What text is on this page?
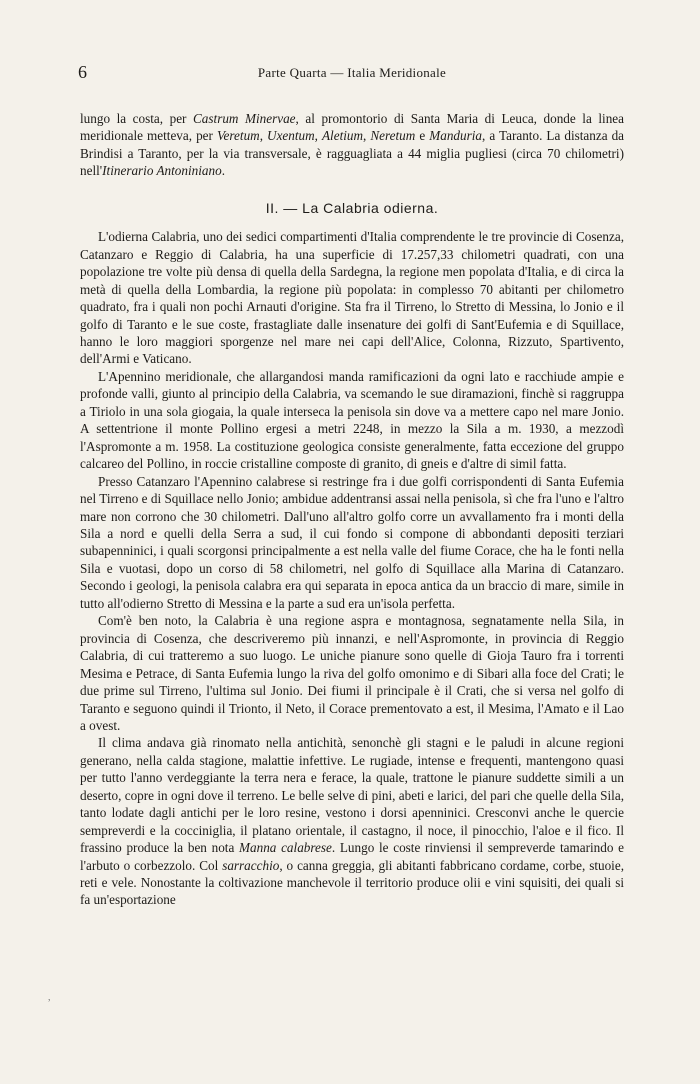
6	Parte Quarta — Italia Meridionale

lungo la costa, per Castrum Minervae, al promontorio di Santa Maria di Leuca, donde la linea meridionale metteva, per Veretum, Uxentum, Aletium, Neretum e Manduria, a Taranto. La distanza da Brindisi a Taranto, per la via transversale, è ragguagliata a 44 miglia pugliesi (circa 70 chilometri) nell'Itinerario Antoniniano.

II. — La Calabria odierna.

L'odierna Calabria, uno dei sedici compartimenti d'Italia comprendente le tre provincie di Cosenza, Catanzaro e Reggio di Calabria, ha una superficie di 17.257,33 chilometri quadrati, con una popolazione tre volte più densa di quella della Sardegna, la regione men popolata d'Italia, e di circa la metà di quella della Lombardia, la regione più popolata: in complesso 70 abitanti per chilometro quadrato, fra i quali non pochi Arnauti d'origine. Sta fra il Tirreno, lo Stretto di Messina, lo Jonio e il golfo di Taranto e le sue coste, frastagliate dalle insenature dei golfi di Sant'Eufemia e di Squillace, hanno le loro maggiori sporgenze nel mare nei capi dell'Alice, Colonna, Rizzuto, Spartivento, dell'Armi e Vaticano.

L'Apennino meridionale, che allargandosi manda ramificazioni da ogni lato e racchiude ampie e profonde valli, giunto al principio della Calabria, va scemando le sue diramazioni, finchè si raggruppa a Tiriolo in una sola giogaia, la quale interseca la penisola sin dove va a mettere capo nel mare Jonio. A settentrione il monte Pollino ergesi a metri 2248, in mezzo la Sila a m. 1930, a mezzodì l'Aspromonte a m. 1958. La costituzione geologica consiste generalmente, fatta eccezione del gruppo calcareo del Pollino, in roccie cristalline composte di granito, di gneis e d'altre di simil fatta.

Presso Catanzaro l'Apennino calabrese si restringe fra i due golfi corrispondenti di Santa Eufemia nel Tirreno e di Squillace nello Jonio; ambidue addentransi assai nella penisola, sì che fra l'uno e l'altro mare non corrono che 30 chilometri. Dall'uno all'altro golfo corre un avvallamento fra i monti della Sila a nord e quelli della Serra a sud, il cui fondo si compone di abbondanti depositi terziari subapenninici, i quali scorgonsi principalmente a est nella valle del fiume Corace, che ha le fonti nella Sila e vuotasi, dopo un corso di 58 chilometri, nel golfo di Squillace alla Marina di Catanzaro. Secondo i geologi, la penisola calabra era qui separata in epoca antica da un braccio di mare, simile in tutto all'odierno Stretto di Messina e la parte a sud era un'isola perfetta.

Com'è ben noto, la Calabria è una regione aspra e montagnosa, segnatamente nella Sila, in provincia di Cosenza, che descriveremo più innanzi, e nell'Aspromonte, in provincia di Reggio Calabria, di cui tratteremo a suo luogo. Le uniche pianure sono quelle di Gioja Tauro fra i torrenti Mesima e Petrace, di Santa Eufemia lungo la riva del golfo omonimo e di Sibari alla foce del Crati; le due prime sul Tirreno, l'ultima sul Jonio. Dei fiumi il principale è il Crati, che si versa nel golfo di Taranto e seguono quindi il Trionto, il Neto, il Corace prementovato a est, il Mesima, l'Amato e il Lao a ovest.

Il clima andava già rinomato nella antichità, senonchè gli stagni e le paludi in alcune regioni generano, nella calda stagione, malattie infettive. Le rugiade, intense e frequenti, mantengono quasi per tutto l'anno verdeggiante la terra nera e ferace, la quale, trattone le pianure suddette simili a un deserto, copre in ogni dove il terreno. Le belle selve di pini, abeti e larici, del pari che quelle della Sila, tanto lodate dagli antichi per le loro resine, vestono i dorsi apenninici. Cresconvi anche le quercie sempreverdi e la cocciniglia, il platano orientale, il castagno, il noce, il pinocchio, l'aloe e il fico. Il frassino produce la ben nota Manna calabrese. Lungo le coste rinviensi il sempreverde tamarindo e l'arbuto o corbezzolo. Col sarracchio, o canna greggia, gli abitanti fabbricano cordame, corbe, stuoie, reti e vele. Nonostante la coltivazione manchevole il territorio produce olii e vini squisiti, dei quali si fa un'esportazione

,
